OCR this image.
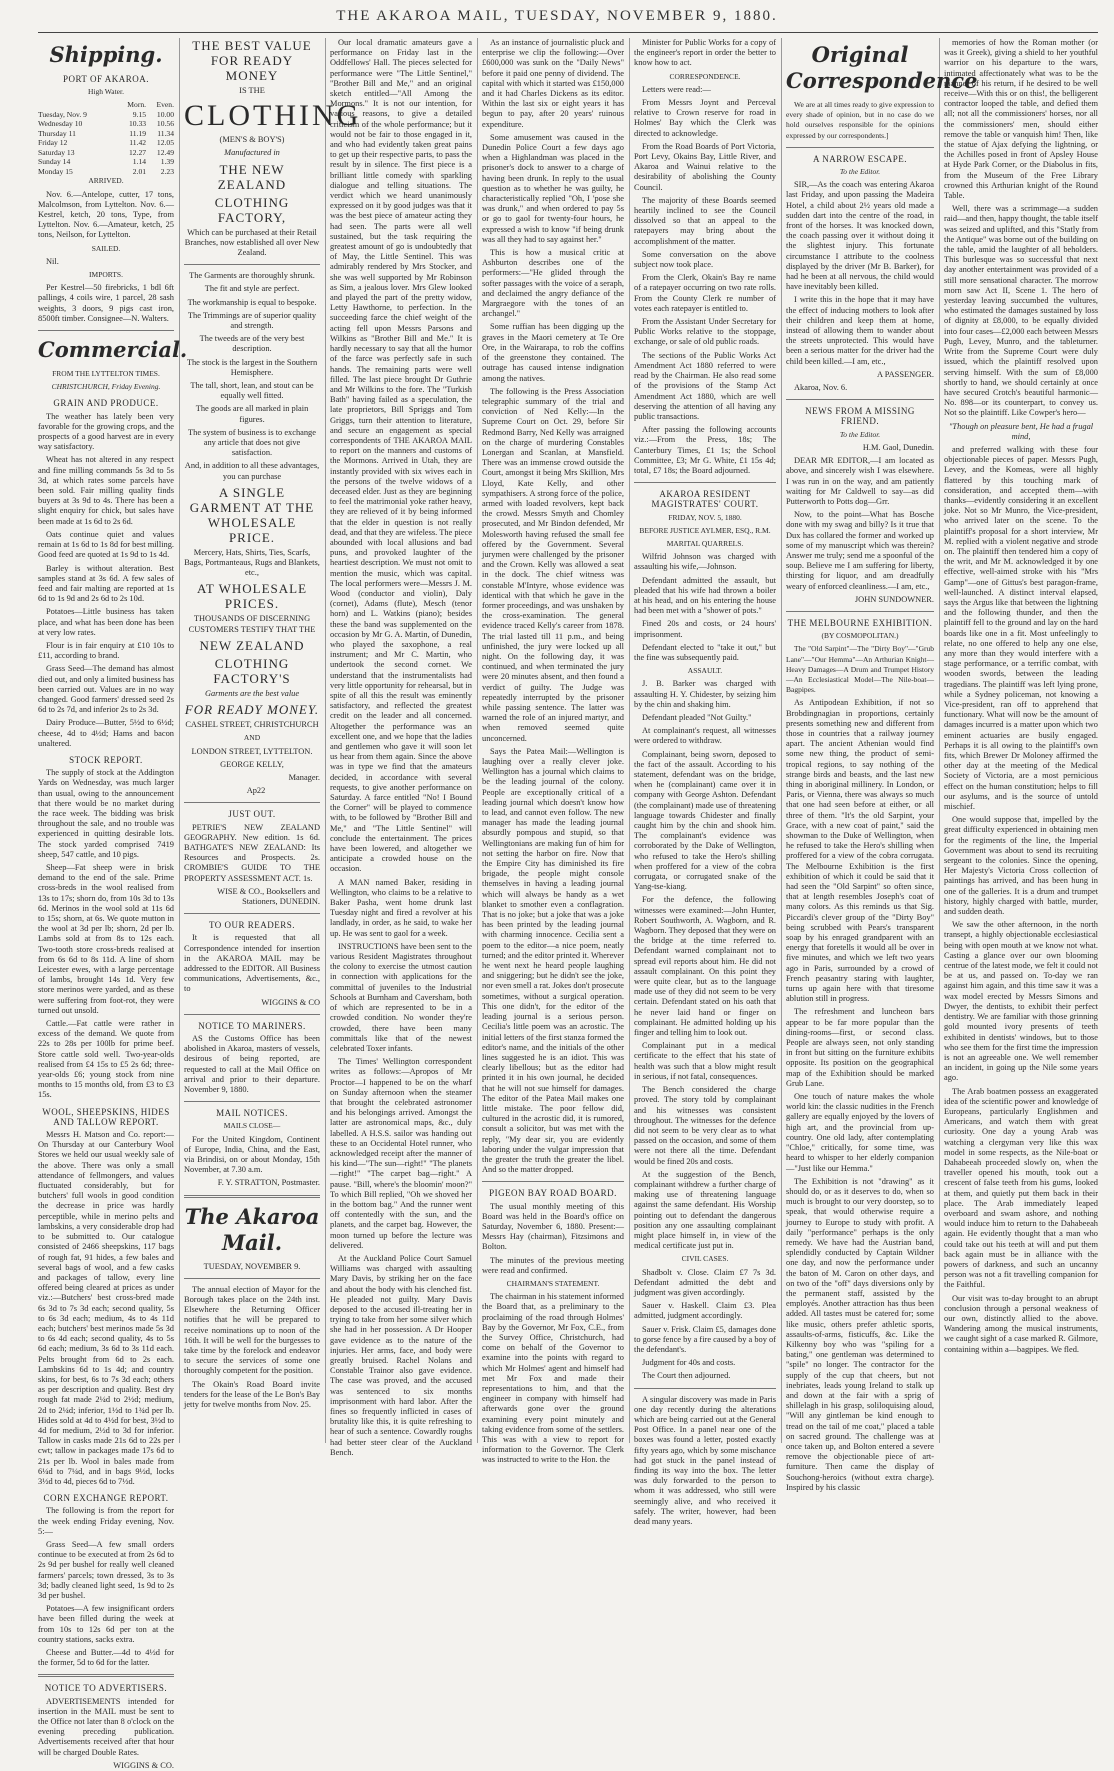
THE AKAROA MAIL, TUESDAY, NOVEMBER 9, 1880.

Shipping.

PORT OF AKAROA.

High Water.

	Morn.	Even.
Tuesday, Nov. 9	9.15	10.00
Wednesday 10	10.33	10.56
Thursday 11	11.19	11.34
Friday 12	11.42	12.05
Saturday 13	12.27	12.49
Sunday 14	1.14	1.39
Monday 15	2.01	2.23

ARRIVED.

Nov. 6.—Antelope, cutter, 17 tons, Malcolmson, from Lyttelton. Nov. 6.—Kestrel, ketch, 20 tons, Type, from Lyttelton. Nov. 6.—Amateur, ketch, 25 tons, Neilson, for Lyttelton.

SAILED.

Nil.

IMPORTS.

Per Kestrel—50 firebricks, 1 bdl 6ft pallings, 4 coils wire, 1 parcel, 28 sash weights, 3 doors, 9 pigs cast iron, 8500ft timber. Consignee—N. Walters.

Commercial.

FROM THE LYTTELTON TIMES.

CHRISTCHURCH, Friday Evening.

GRAIN AND PRODUCE.

The weather has lately been very favorable for the growing crops, and the prospects of a good harvest are in every way satisfactory.

Wheat has not altered in any respect and fine milling commands 5s 3d to 5s 3d, at which rates some parcels have been sold. Fair milling quality finds buyers at 3s 9d to 4s. There has been a slight enquiry for chick, but sales have been made at 1s 6d to 2s 6d.

Oats continue quiet and values remain at 1s 6d to 1s 8d for best milling. Good feed are quoted at 1s 9d to 1s 4d.

Barley is without alteration. Best samples stand at 3s 6d. A few sales of feed and fair malting are reported at 1s 6d to 1s 9d and 2s 6d to 2s 10d.

Potatoes—Little business has taken place, and what has been done has been at very low rates.

Flour is in fair enquiry at £10 10s to £11, according to brand.

Grass Seed—The demand has almost died out, and only a limited business has been carried out. Values are in no way changed. Good farmers' dressed seed 2s 6d to 2s 7d, and inferior 2s to 2s 3d.

Dairy Produce—Butter, 5½d to 6½d; cheese, 4d to 4½d; Hams and bacon unaltered.

STOCK REPORT.

The supply of stock at the Addington Yards on Wednesday, was much larger than usual, owing to the announcement that there would be no market during the race week. The bidding was brisk throughout the sale, and no trouble was experienced in quitting desirable lots. The stock yarded comprised 7419 sheep, 547 cattle, and 10 pigs.

Sheep—Fat sheep were in brisk demand to the end of the sale. Prime cross-breds in the wool realised from 13s to 17s; shorn do, from 10s 3d to 13s 6d. Merinos in the wool sold at 11s 6d to 15s; shorn, at 6s. We quote mutton in the wool at 3d per lb; shorn, 2d per lb. Lambs sold at from 8s to 12s each. Two-tooth store cross-breds realised at from 6s 6d to 8s 11d. A line of shorn Leicester ewes, with a large percentage of lambs, brought 14s 1d. Very few store merinos were yarded, and as these were suffering from foot-rot, they were turned out unsold.

Cattle.—Fat cattle were rather in excess of the demand. We quote from 22s to 28s per 100lb for prime beef. Store cattle sold well. Two-year-olds realised from £4 15s to £5 2s 6d; three-year-olds £6; young stock from nine months to 15 months old, from £3 to £3 15s.

WOOL, SHEEPSKINS, HIDES AND TALLOW REPORT.

Messrs H. Matson and Co. report:—On Thursday at our Canterbury Wool Stores we held our usual weekly sale of the above. There was only a small attendance of fellmongers, and values fluctuated considerably, but for butchers' full wools in good condition the decrease in price was hardly perceptible, while in merino pelts and lambskins, a very considerable drop had to be submitted to. Our catalogue consisted of 2466 sheepskins, 117 bags of rough fat, 91 hides, a few bales and several bags of wool, and a few casks and packages of tallow, every line offered being cleared at prices as under viz.:—Butchers' best cross-bred made 6s 3d to 7s 3d each; second quality, 5s to 6s 3d each; medium, 4s to 4s 11d each; butchers' best merinos made 5s 3d to 6s 4d each; second quality, 4s to 5s 6d each; medium, 3s 6d to 3s 11d each. Pelts brought from 6d to 2s each. Lambskins 6d to 1s 4d; and country skins, for best, 6s to 7s 3d each; others as per description and quality. Best dry rough fat made 2¼d to 2½d; medium, 2d to 2¼d; inferior, 1½d to 1¾d per lb. Hides sold at 4d to 4½d for best, 3½d to 4d for medium, 2½d to 3d for inferior. Tallow in casks made 21s 6d to 22s per cwt; tallow in packages made 17s 6d to 21s per lb. Wool in bales made from 6¼d to 7¼d, and in bags 9½d, locks 3½d to 4d, pieces 6d to 7½d.

CORN EXCHANGE REPORT.

The following is from the report for the week ending Friday evening, Nov. 5:—

Grass Seed—A few small orders continue to be executed at from 2s 6d to 2s 9d per bushel for really well cleaned farmers' parcels; town dressed, 3s to 3s 3d; badly cleaned light seed, 1s 9d to 2s 3d per bushel.

Potatoes—A few insignificant orders have been filled during the week at from 10s to 12s 6d per ton at the country stations, sacks extra.

Cheese and Butter.—4d to 4½d for the former, 5d to 6d for the latter.

NOTICE TO ADVERTISERS.

ADVERTISEMENTS intended for insertion in the MAIL must be sent to the Office not later than 8 o'clock on the evening preceding publication. Advertisements received after that hour will be charged Double Rates.

WIGGINS & CO.

THE BEST VALUE FOR READY MONEY

IS THE

CLOTHING

(MEN'S & BOY'S)

Manufactured in

THE NEW ZEALAND

CLOTHING FACTORY,

Which can be purchased at their Retail Branches, now established all over New Zealand.

The Garments are thoroughly shrunk.

The fit and style are perfect.

The workmanship is equal to bespoke.

The Trimmings are of superior quality and strength.

The tweeds are of the very best description.

The stock is the largest in the Southern Hemisphere.

The tall, short, lean, and stout can be equally well fitted.

The goods are all marked in plain figures.

The system of business is to exchange any article that does not give satisfaction.

And, in addition to all these advantages, you can purchase

A SINGLE GARMENT AT THE WHOLESALE PRICE.

Mercery, Hats, Shirts, Ties, Scarfs, Bags, Portmanteaus, Rugs and Blankets, etc.,

AT WHOLESALE PRICES.

THOUSANDS OF DISCERNING CUSTOMERS TESTIFY THAT THE

NEW ZEALAND

CLOTHING FACTORY'S

Garments are the best value

FOR READY MONEY.

CASHEL STREET, CHRISTCHURCH

AND

LONDON STREET, LYTTELTON.

GEORGE KELLY,

Manager.

Ap22

JUST OUT.

PETRIE'S NEW ZEALAND GEOGRAPHY. New edition. 1s 6d. BATHGATE'S NEW ZEALAND: Its Resources and Prospects. 2s. CROMBIE'S GUIDE TO THE PROPERTY ASSESSMENT ACT. 1s.

WISE & CO., Booksellers and Stationers, DUNEDIN.

TO OUR READERS.

It is requested that all Correspondence intended for insertion in the AKAROA MAIL may be addressed to the EDITOR. All Business communications, Advertisements, &c., to

WIGGINS & CO

NOTICE TO MARINERS.

AS the Customs Office has been abolished in Akaroa, masters of vessels, desirous of being reported, are requested to call at the Mail Office on arrival and prior to their departure. November 9, 1880.

MAIL NOTICES.

MAILS CLOSE—

For the United Kingdom, Continent of Europe, India, China, and the East, via Brindisi, on or about Monday, 15th November, at 7.30 a.m.

F. Y. STRATTON, Postmaster.

The Akaroa Mail.

TUESDAY, NOVEMBER 9.

The annual election of Mayor for the Borough takes place on the 24th inst. Elsewhere the Returning Officer notifies that he will be prepared to receive nominations up to noon of the 16th. It will be well for the burgesses to take time by the forelock and endeavor to secure the services of some one thoroughly competent for the position.

The Okain's Road Board invite tenders for the lease of the Le Bon's Bay jetty for twelve months from Nov. 25.

Our local dramatic amateurs gave a performance on Friday last in the Oddfellows' Hall. The pieces selected for performance were "The Little Sentinel," "Brother Bill and Me," and an original sketch entitled—"All Among the Mormons." It is not our intention, for various reasons, to give a detailed criticism of the whole performance; but it would not be fair to those engaged in it, and who had evidently taken great pains to get up their respective parts, to pass the result by in silence. The first piece is a brilliant little comedy with sparkling dialogue and telling situations. The verdict which we heard unanimously expressed on it by good judges was that it was the best piece of amateur acting they had seen. The parts were all well sustained, but the task requiring the greatest amount of go is undoubtedly that of May, the Little Sentinel. This was admirably rendered by Mrs Stocker, and she was well supported by Mr Robinson as Sim, a jealous lover. Mrs Glew looked and played the part of the pretty widow, Letty Hawthorne, to perfection. In the succeeding farce the chief weight of the acting fell upon Messrs Parsons and Wilkins as "Brother Bill and Me." It is hardly necessary to say that all the humor of the farce was perfectly safe in such hands. The remaining parts were well filled. The last piece brought Dr Guthrie and Mr Wilkins to the fore. The "Turkish Bath" having failed as a speculation, the late proprietors, Bill Spriggs and Tom Griggs, turn their attention to literature, and secure an engagement as special correspondents of THE AKAROA MAIL to report on the manners and customs of the Mormons. Arrived in Utah, they are instantly provided with six wives each in the persons of the twelve widows of a deceased elder. Just as they are beginning to feel the matrimonial yoke rather heavy, they are relieved of it by being informed that the elder in question is not really dead, and that they are wifeless. The piece abounded with local allusions and bad puns, and provoked laughter of the heartiest description. We must not omit to mention the music, which was capital. The local performers were—Messrs J. M. Wood (conductor and violin), Daly (cornet), Adams (flute), Mesch (tenor horn) and L. Watkins (piano); besides these the band was supplemented on the occasion by Mr G. A. Martin, of Dunedin, who played the saxophone, a real instrument; and Mr C. Martin, who undertook the second cornet. We understand that the instrumentalists had very little opportunity for rehearsal, but in spite of all this the result was eminently satisfactory, and reflected the greatest credit on the leader and all concerned. Altogether the performance was an excellent one, and we hope that the ladies and gentlemen who gave it will soon let us hear from them again. Since the above was in type we find that the amateurs decided, in accordance with several requests, to give another performance on Saturday. A farce entitled "No! I Bound the Corner" will be played to commence with, to be followed by "Brother Bill and Me," and "The Little Sentinel" will conclude the entertainment. The prices have been lowered, and altogether we anticipate a crowded house on the occasion.

A MAN named Baker, residing in Wellington, who claims to be a relative to Baker Pasha, went home drunk last Tuesday night and fired a revolver at his landlady, in order, as he said, to wake her up. He was sent to gaol for a week.

INSTRUCTIONS have been sent to the various Resident Magistrates throughout the colony to exercise the utmost caution in connection with applications for the committal of juveniles to the Industrial Schools at Burnham and Caversham, both of which are represented to be in a crowded condition. No wonder they're crowded, there have been many committals like that of the newest celebrated Toxer infants.

The Times' Wellington correspondent writes as follows:—Apropos of Mr Proctor—I happened to be on the wharf on Sunday afternoon when the steamer that brought the celebrated astronomer and his belongings arrived. Amongst the latter are astronomical maps, &c., duly labelled. A H.S.S. sailor was handing out these to an Occidental Hotel runner, who acknowledged receipt after the manner of his kind—"The sun—right!" "The planets—right!" "The carpet bag—right." A pause. "Bill, where's the bloomin' moon?" To which Bill replied, "Oh we shoved her in the bottom bag." And the runner went off contentedly with the sun, and the planets, and the carpet bag. However, the moon turned up before the lecture was delivered.

At the Auckland Police Court Samuel Williams was charged with assaulting Mary Davis, by striking her on the face and about the body with his clenched fist. He pleaded not guilty. Mary Davis deposed to the accused ill-treating her in trying to take from her some silver which she had in her possession. A Dr Hooper gave evidence as to the nature of the injuries. Her arms, face, and body were greatly bruised. Rachel Nolans and Constable Trainor also gave evidence. The case was proved, and the accused was sentenced to six months imprisonment with hard labor. After the fines so frequently inflicted in cases of brutality like this, it is quite refreshing to hear of such a sentence. Cowardly roughs had better steer clear of the Auckland Bench.

As an instance of journalistic pluck and enterprise we clip the following:—Over £600,000 was sunk on the "Daily News" before it paid one penny of dividend. The capital with which it started was £150,000 and it had Charles Dickens as its editor. Within the last six or eight years it has begun to pay, after 20 years' ruinous expenditure.

Some amusement was caused in the Dunedin Police Court a few days ago when a Highlandman was placed in the prisoner's dock to answer to a charge of having been drunk. In reply to the usual question as to whether he was guilty, he characteristically replied "Oh, I 'pose she was drunk," and when ordered to pay 5s or go to gaol for twenty-four hours, he expressed a wish to know "if being drunk was all they had to say against her."

This is how a musical critic at Ashburton describes one of the performers:—"He glided through the softer passages with the voice of a seraph, and declaimed the angry defiance of the Margraegore with the tones of an archangel."

Some ruffian has been digging up the graves in the Maori cemetery at Te Ore Ore, in the Wairarapa, to rob the coffins of the greenstone they contained. The outrage has caused intense indignation among the natives.

The following is the Press Association telegraphic summary of the trial and conviction of Ned Kelly:—In the Supreme Court on Oct. 29, before Sir Redmond Barry, Ned Kelly was arraigned on the charge of murdering Constables Lonergan and Scanlan, at Mansfield. There was an immense crowd outside the Court, amongst it being Mrs Skillion, Mrs Lloyd, Kate Kelly, and other sympathisers. A strong force of the police, armed with loaded revolvers, kept back the crowd. Messrs Smyth and Chomley prosecuted, and Mr Bindon defended, Mr Molesworth having refused the small fee offered by the Government. Several jurymen were challenged by the prisoner and the Crown. Kelly was allowed a seat in the dock. The chief witness was constable M'Intyre, whose evidence was identical with that which he gave in the former proceedings, and was unshaken by the cross-examination. The general evidence traced Kelly's career from 1878. The trial lasted till 11 p.m., and being unfinished, the jury were locked up all night. On the following day, it was continued, and when terminated the jury were 20 minutes absent, and then found a verdict of guilty. The Judge was repeatedly interrupted by the prisoner while passing sentence. The latter was warned the role of an injured martyr, and when removed seemed quite unconcerned.

Says the Patea Mail:—Wellington is laughing over a really clever joke. Wellington has a journal which claims to be the leading journal of the colony. People are exceptionally critical of a leading journal which doesn't know how to lead, and cannot even follow. The new manager has made the leading journal absurdly pompous and stupid, so that Wellingtonians are making fun of him for not setting the harbor on fire. Now that the Empire City has diminished its fire brigade, the people might console themselves in having a leading journal which will always be handy as a wet blanket to smother even a conflagration. That is no joke; but a joke that was a joke has been printed by the leading journal with charming innocence. Cecilia sent a poem to the editor—a nice poem, neatly turned; and the editor printed it. Wherever he went next he heard people laughing and sniggering; but he didn't see the joke, nor even smell a rat. Jokes don't prosecute sometimes, without a surgical operation. This one didn't, for the editor of the leading journal is a serious person. Cecilia's little poem was an acrostic. The initial letters of the first stanza formed the editor's name, and the initials of the other lines suggested he is an idiot. This was clearly libellous; but as the editor had printed it in his own journal, he decided that he will not sue himself for damages. The editor of the Patea Mail makes one little mistake. The poor fellow did, cultured in the acrostic did, it is rumored, consult a solicitor, but was met with the reply, "My dear sir, you are evidently laboring under the vulgar impression that the greater the truth the greater the libel. And so the matter dropped.

PIGEON BAY ROAD BOARD.

The usual monthly meeting of this Board was held in the Board's office on Saturday, November 6, 1880. Present:—Messrs Hay (chairman), Fitzsimons and Bolton.

The minutes of the previous meeting were read and confirmed.

CHAIRMAN'S STATEMENT.

The chairman in his statement informed the Board that, as a preliminary to the proclaiming of the road through Holmes' Bay by the Governor, Mr Fox, C.E., from the Survey Office, Christchurch, had come on behalf of the Governor to examine into the points with regard to which Mr Holmes' agent and himself had met Mr Fox and made their representations to him, and that the engineer in company with himself had afterwards gone over the ground examining every point minutely and taking evidence from some of the settlers. This was with a view to report for information to the Governor. The Clerk was instructed to write to the Hon. the

Minister for Public Works for a copy of the engineer's report in order the better to know how to act.

CORRESPONDENCE.

Letters were read:—

From Messrs Joynt and Perceval relative to Crown reserve for road in Holmes' Bay which the Clerk was directed to acknowledge.

From the Road Boards of Port Victoria, Port Levy, Okains Bay, Little River, and Akaroa and Wainui relative to the desirability of abolishing the County Council.

The majority of these Boards seemed heartily inclined to see the Council dissolved so that an appeal to the ratepayers may bring about the accomplishment of the matter.

Some conversation on the above subject now took place.

From the Clerk, Okain's Bay re name of a ratepayer occurring on two rate rolls. From the County Clerk re number of votes each ratepayer is entitled to.

From the Assistant Under Secretary for Public Works relative to the stoppage, exchange, or sale of old public roads.

The sections of the Public Works Act Amendment Act 1880 referred to were read by the Chairman. He also read some of the provisions of the Stamp Act Amendment Act 1880, which are well deserving the attention of all having any public transactions.

After passing the following accounts viz.:—From the Press, 18s; The Canterbury Times, £1 1s; the School Committee, £3; Mr G. White, £1 15s 4d; total, £7 18s; the Board adjourned.

AKAROA RESIDENT MAGISTRATES' COURT.

FRIDAY, NOV. 5, 1880.

BEFORE JUSTICE AYLMER, ESQ., R.M.

MARITAL QUARRELS.

Wilfrid Johnson was charged with assaulting his wife,—Johnson.

Defendant admitted the assault, but pleaded that his wife had thrown a boiler at his head, and on his entering the house had been met with a "shower of pots."

Fined 20s and costs, or 24 hours' imprisonment.

Defendant elected to "take it out," but the fine was subsequently paid.

ASSAULT.

J. B. Barker was charged with assaulting H. Y. Chidester, by seizing him by the chin and shaking him.

Defendant pleaded "Not Guilty."

At complainant's request, all witnesses were ordered to withdraw.

Complainant, being sworn, deposed to the fact of the assault. According to his statement, defendant was on the bridge, when he (complainant) came over it in company with George Ashton. Defendant (the complainant) made use of threatening language towards Chidester and finally caught him by the chin and shook him. The complainant's evidence was corroborated by the Dake of Wellington, who refused to take the Hero's shilling when proffered for a view of the cobra corrugata, or corrugated snake of the Yang-tse-kiang.

For the defence, the following witnesses were examined:—John Hunter, Robert Southworth, A. Wagborn, and R. Wagborn. They deposed that they were on the bridge at the time referred to. Defendant warned complainant not to spread evil reports about him. He did not assault complainant. On this point they were quite clear, but as to the language made use of they did not seem to be very certain. Defendant stated on his oath that he never laid hand or finger on complainant. He admitted holding up his finger and telling him to look out.

Complainant put in a medical certificate to the effect that his state of health was such that a blow might result in serious, if not fatal, consequences.

The Bench considered the charge proved. The story told by complainant and his witnesses was consistent throughout. The witnesses for the defence did not seem to be very clear as to what passed on the occasion, and some of them were not there all the time. Defendant would be fined 20s and costs.

At the suggestion of the Bench, complainant withdrew a further charge of making use of threatening language against the same defendant. His Worship pointing out to defendant the dangerous position any one assaulting complainant might place himself in, in view of the medical certificate just put in.

CIVIL CASES.

Shadbolt v. Close. Claim £7 7s 3d. Defendant admitted the debt and judgment was given accordingly.

Sauer v. Haskell. Claim £3. Plea admitted, judgment accordingly.

Sauer v. Frisk. Claim £5, damages done to gorse fence by a fire caused by a boy of the defendant's.

Judgment for 40s and costs.

The Court then adjourned.

A singular discovery was made in Paris one day recently during the alterations which are being carried out at the General Post Office. In a panel near one of the boxes was found a letter, posted exactly fifty years ago, which by some mischance had got stuck in the panel instead of finding its way into the box. The letter was duly forwarded to the person to whom it was addressed, who still were seemingly alive, and who received it safely. The writer, however, had been dead many years.

Original Correspondence

We are at all times ready to give expression to every shade of opinion, but in no case do we hold ourselves responsible for the opinions expressed by our correspondents.]

A NARROW ESCAPE.

To the Editor.

SIR,—As the coach was entering Akaroa last Friday, and upon passing the Madeira Hotel, a child about 2½ years old made a sudden dart into the centre of the road, in front of the horses. It was knocked down, the coach passing over it without doing it the slightest injury. This fortunate circumstance I attribute to the coolness displayed by the driver (Mr B. Barker), for had he been at all nervous, the child would have inevitably been killed.

I write this in the hope that it may have the effect of inducing mothers to look after their children and keep them at home, instead of allowing them to wander about the streets unprotected. This would have been a serious matter for the driver had the child been killed.—I am, etc.,

A PASSENGER.

Akaroa, Nov. 6.

NEWS FROM A MISSING FRIEND.

To the Editor.

H.M. Gaol, Dunedin.

DEAR MR EDITOR,—I am located as above, and sincerely wish I was elsewhere. I was run in on the way, and am patiently waiting for Mr Caldwell to say—as did Putterworth to Potts dog—Grr.

Now, to the point—What has Bosche done with my swag and billy? Is it true that Dux has collared the former and worked up some of my manuscript which was therein? Answer me truly; send me a spoonful of the soup. Believe me I am suffering for liberty, thirsting for liquor, and am dreadfully weary of enforced cleanliness.—I am, etc.,

JOHN SUNDOWNER.

THE MELBOURNE EXHIBITION.

(BY COSMOPOLITAN.)

The "Old Sarpint"—The "Dirty Boy"—"Grub Lane"—"Our Hemma"—An Arthurian Knight—Heavy Damages—A Drum and Trumpet History—An Ecclesiastical Model—The Nile-boat—Bagpipes.

As Antipodean Exhibition, if not so Brobdingnagian in proportions, certainly presents something new and different from those in countries that a railway journey apart. The ancient Athenian would find some new thing, the product of semi-tropical regions, to say nothing of the strange birds and beasts, and the last new thing in aboriginal millinery. In London, or Paris, or Vienna, there was always so much that one had seen before at either, or all three of them. "It's the old Sarpint, your Grace, with a new coat of paint," said the showman to the Duke of Wellington, when he refused to take the Hero's shilling when proffered for a view of the cobra corrugata. The Melbourne Exhibition is the first exhibition of which it could be said that it had seen the "Old Sarpint" so often since, that at length resembles Joseph's coat of many colors. As this reminds us that Sig. Piccardi's clever group of the "Dirty Boy" being scrubbed with Pears's transparent soap by his enraged grandparent with an energy that foretells it would all be over in five minutes, and which we left two years ago in Paris, surrounded by a crowd of French peasantry staring with laughter, turns up again here with that tiresome ablution still in progress.

The refreshment and luncheon bars appear to be far more popular than the dining-rooms—first, or second class. People are always seen, not only standing in front but sitting on the furniture exhibits opposite. Its position on the geographical map of the Exhibition should be marked Grub Lane.

One touch of nature makes the whole world kin: the classic nudities in the French gallery are equally enjoyed by the lovers of high art, and the provincial from up-country. One old lady, after contemplating "Chloe," critically, for some time, was heard to whisper to her elderly companion—"Just like our Hemma."

The Exhibition is not "drawing" as it should do, or as it deserves to do, when so much is brought to our very doorstep, so to speak, that would otherwise require a journey to Europe to study with profit. A daily "performance" perhaps is the only remedy. We have had the Austrian band, splendidly conducted by Captain Wildner one day, and now the performance under the baton of M. Caron on other days, and on two of the "off" days diversions only by the permanent staff, assisted by the employés. Another attraction has thus been added. All tastes must be catered for; some like music, others prefer athletic sports, assaults-of-arms, fisticuffs, &c. Like the Kilkenny boy who was "spiling for a bating," one gentleman was determined to "spile" no longer. The contractor for the supply of the cup that cheers, but not inebriates, leads young Ireland to stalk up and down at the fair with a sprig of shillelagh in his grasp, soliloquising aloud, "Will any gintleman be kind enough to tread on the tail of me coat," placed a table on sacred ground. The challenge was at once taken up, and Bolton entered a severe remove the objectionable piece of art-furniture. Then came the display of Souchong-heroics (without extra charge). Inspired by his classic

memories of how the Roman mother (or was it Greek), giving a shield to her youthful warrior on his departure to the wars, intimated affectionately what was to be the manner of his return, if he desired to be well receive—With this or on this!, the belligerent contractor looped the table, and defied them all; not all the commissioners' horses, nor all the commissioners' men, should either remove the table or vanquish him! Then, like the statue of Ajax defying the lightning, or the Achilles posed in front of Apsley House at Hyde Park Corner, or the Diabolus in fits, from the Museum of the Free Library crowned this Arthurian knight of the Round Table.

Well, there was a scrimmage—a sudden raid—and then, happy thought, the table itself was seized and uplifted, and this "Statly from the Antique" was borne out of the building on the table, amid the laughter of all beholders. This burlesque was so successful that next day another entertainment was provided of a still more sensational character. The morrow morn saw Act II, Scene 1. The hero of yesterday leaving succumbed the vultures, who estimated the damages sustained by loss of dignity at £8,000, to be equally divided into four cases—£2,000 each between Messrs Pugh, Levey, Munro, and the tableturner. Write from the Supreme Court were duly issued, which the plaintiff resolved upon serving himself. With the sum of £8,000 shortly to hand, we should certainly at once have secured Crotch's beautiful harmonic—No. 898—or its counterpart, to convey us. Not so the plaintiff. Like Cowper's hero—

"Though on pleasure bent, He had a frugal mind,

and preferred walking with these four objectionable pieces of paper. Messrs Pugh, Levey, and the Komeas, were all highly flattered by this touching mark of consideration, and accepted them—with thanks—evidently considering it an excellent joke. Not so Mr Munro, the Vice-president, who arrived later on the scene. To the plaintiff's proposal for a short interview, Mr M. replied with a violent negative and strode on. The plaintiff then tendered him a copy of the writ, and Mr M. acknowledged it by one effective, well-aimed stroke with his "Mrs Gamp"—one of Gittus's best paragon-frame, well-launched. A distinct interval elapsed, says the Argus like that between the lightning and the following thunder, and then the plaintiff fell to the ground and lay on the hard boards like one in a fit. Most unfeelingly to relate, no one offered to help any one else, any more than they would interfere with a stage performance, or a terrific combat, with wooden swords, between the leading tragedians. The plaintiff was left lying prone, while a Sydney policeman, not knowing a Vice-president, ran off to apprehend that functionary. What will now be the amount of damages incurred is a matter upon which two eminent actuaries are busily engaged. Perhaps it is all owing to the plaintiff's own fits, which Brewer Dr Moloney affirmed the other day at the meeting of the Medical Society of Victoria, are a most pernicious effect on the human constitution; helps to fill our asylums, and is the source of untold mischief.

One would suppose that, impelled by the great difficulty experienced in obtaining men for the regiments of the line, the Imperial Government was about to send its recruiting sergeant to the colonies. Since the opening, Her Majesty's Victoria Cross collection of paintings has arrived, and has been hung in one of the galleries. It is a drum and trumpet history, highly charged with battle, murder, and sudden death.

We saw the other afternoon, in the north transept, a highly objectionable ecclesiastical being with open mouth at we know not what. Casting a glance over our own blooming centrue of the latest mode, we felt it could not be at us, and passed on. To-day we ran against him again, and this time saw it was a wax model erected by Messrs Simons and Dwyer, the dentists, to exhibit their perfect dentistry. We are familiar with those grinning gold mounted ivory presents of teeth exhibited in dentists' windows, but to those who see them for the first time the impression is not an agreeable one. We well remember an incident, in going up the Nile some years ago.

The Arab boatmen possess an exaggerated idea of the scientific power and knowledge of Europeans, particularly Englishmen and Americans, and watch them with great curiosity. One day a young Arab was watching a clergyman very like this wax model in some respects, as the Nile-boat or Dahabeeah proceeded slowly on, when the traveller opened his mouth, took out a crescent of false teeth from his gums, looked at them, and quietly put them back in their place. The Arab immediately leaped overboard and swam ashore, and nothing would induce him to return to the Dahabeeah again. He evidently thought that a man who could take out his teeth at will and put them back again must be in alliance with the powers of darkness, and such an uncanny person was not a fit travelling companion for the Faithful.

Our visit was to-day brought to an abrupt conclusion through a personal weakness of our own, distinctly allied to the above. Wandering among the musical instruments, we caught sight of a case marked R. Gilmore, containing within a—bagpipes. We fled.
